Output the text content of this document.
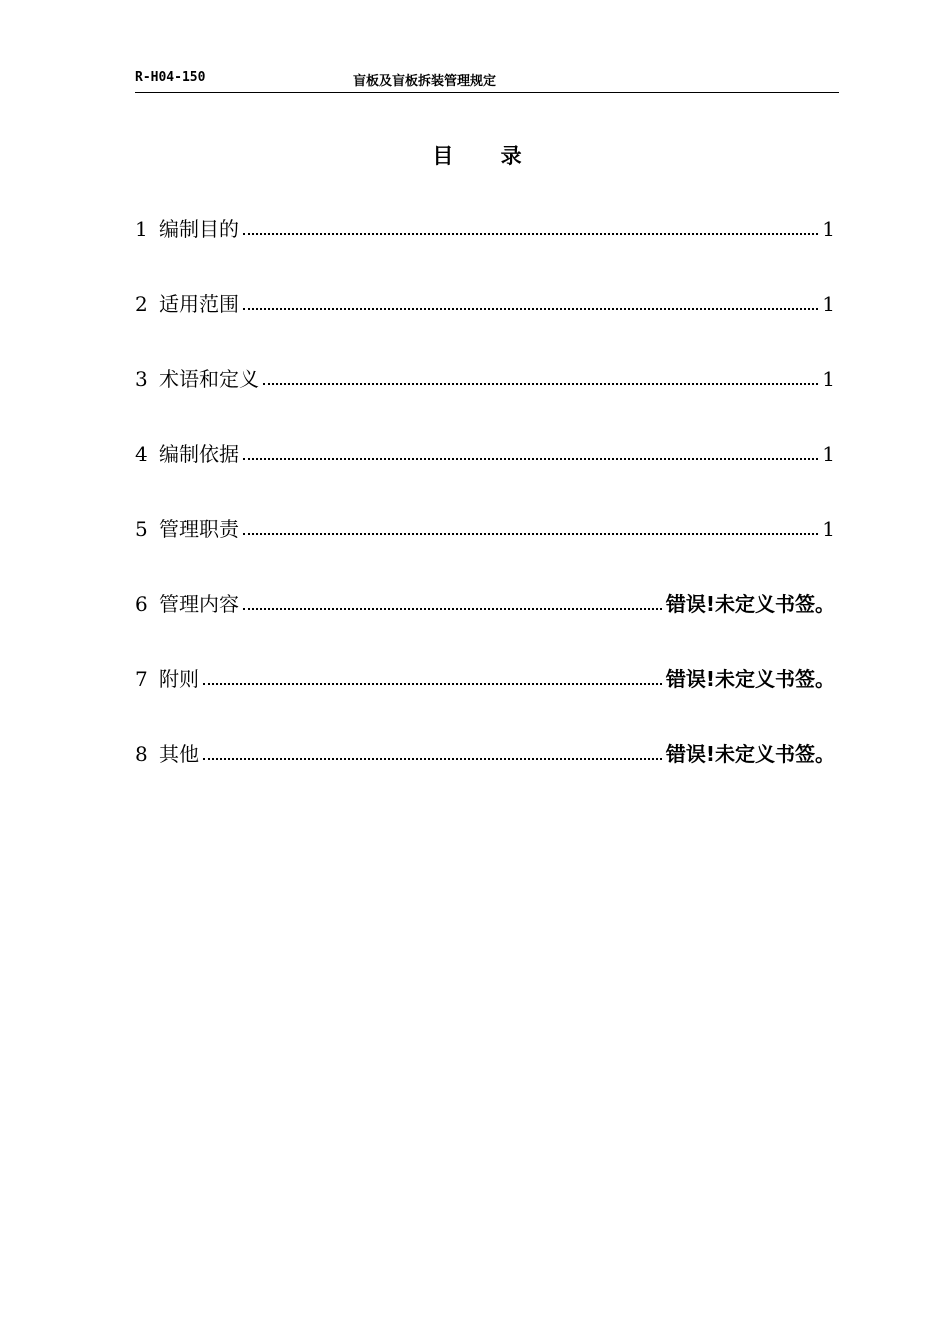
R-H04-150	盲板及盲板拆装管理规定
目 录
1 编制目的	1
2 适用范围	1
3 术语和定义	1
4 编制依据	1
5 管理职责	1
6 管理内容	错误!未定义书签。
7 附则	错误!未定义书签。
8 其他	错误!未定义书签。
